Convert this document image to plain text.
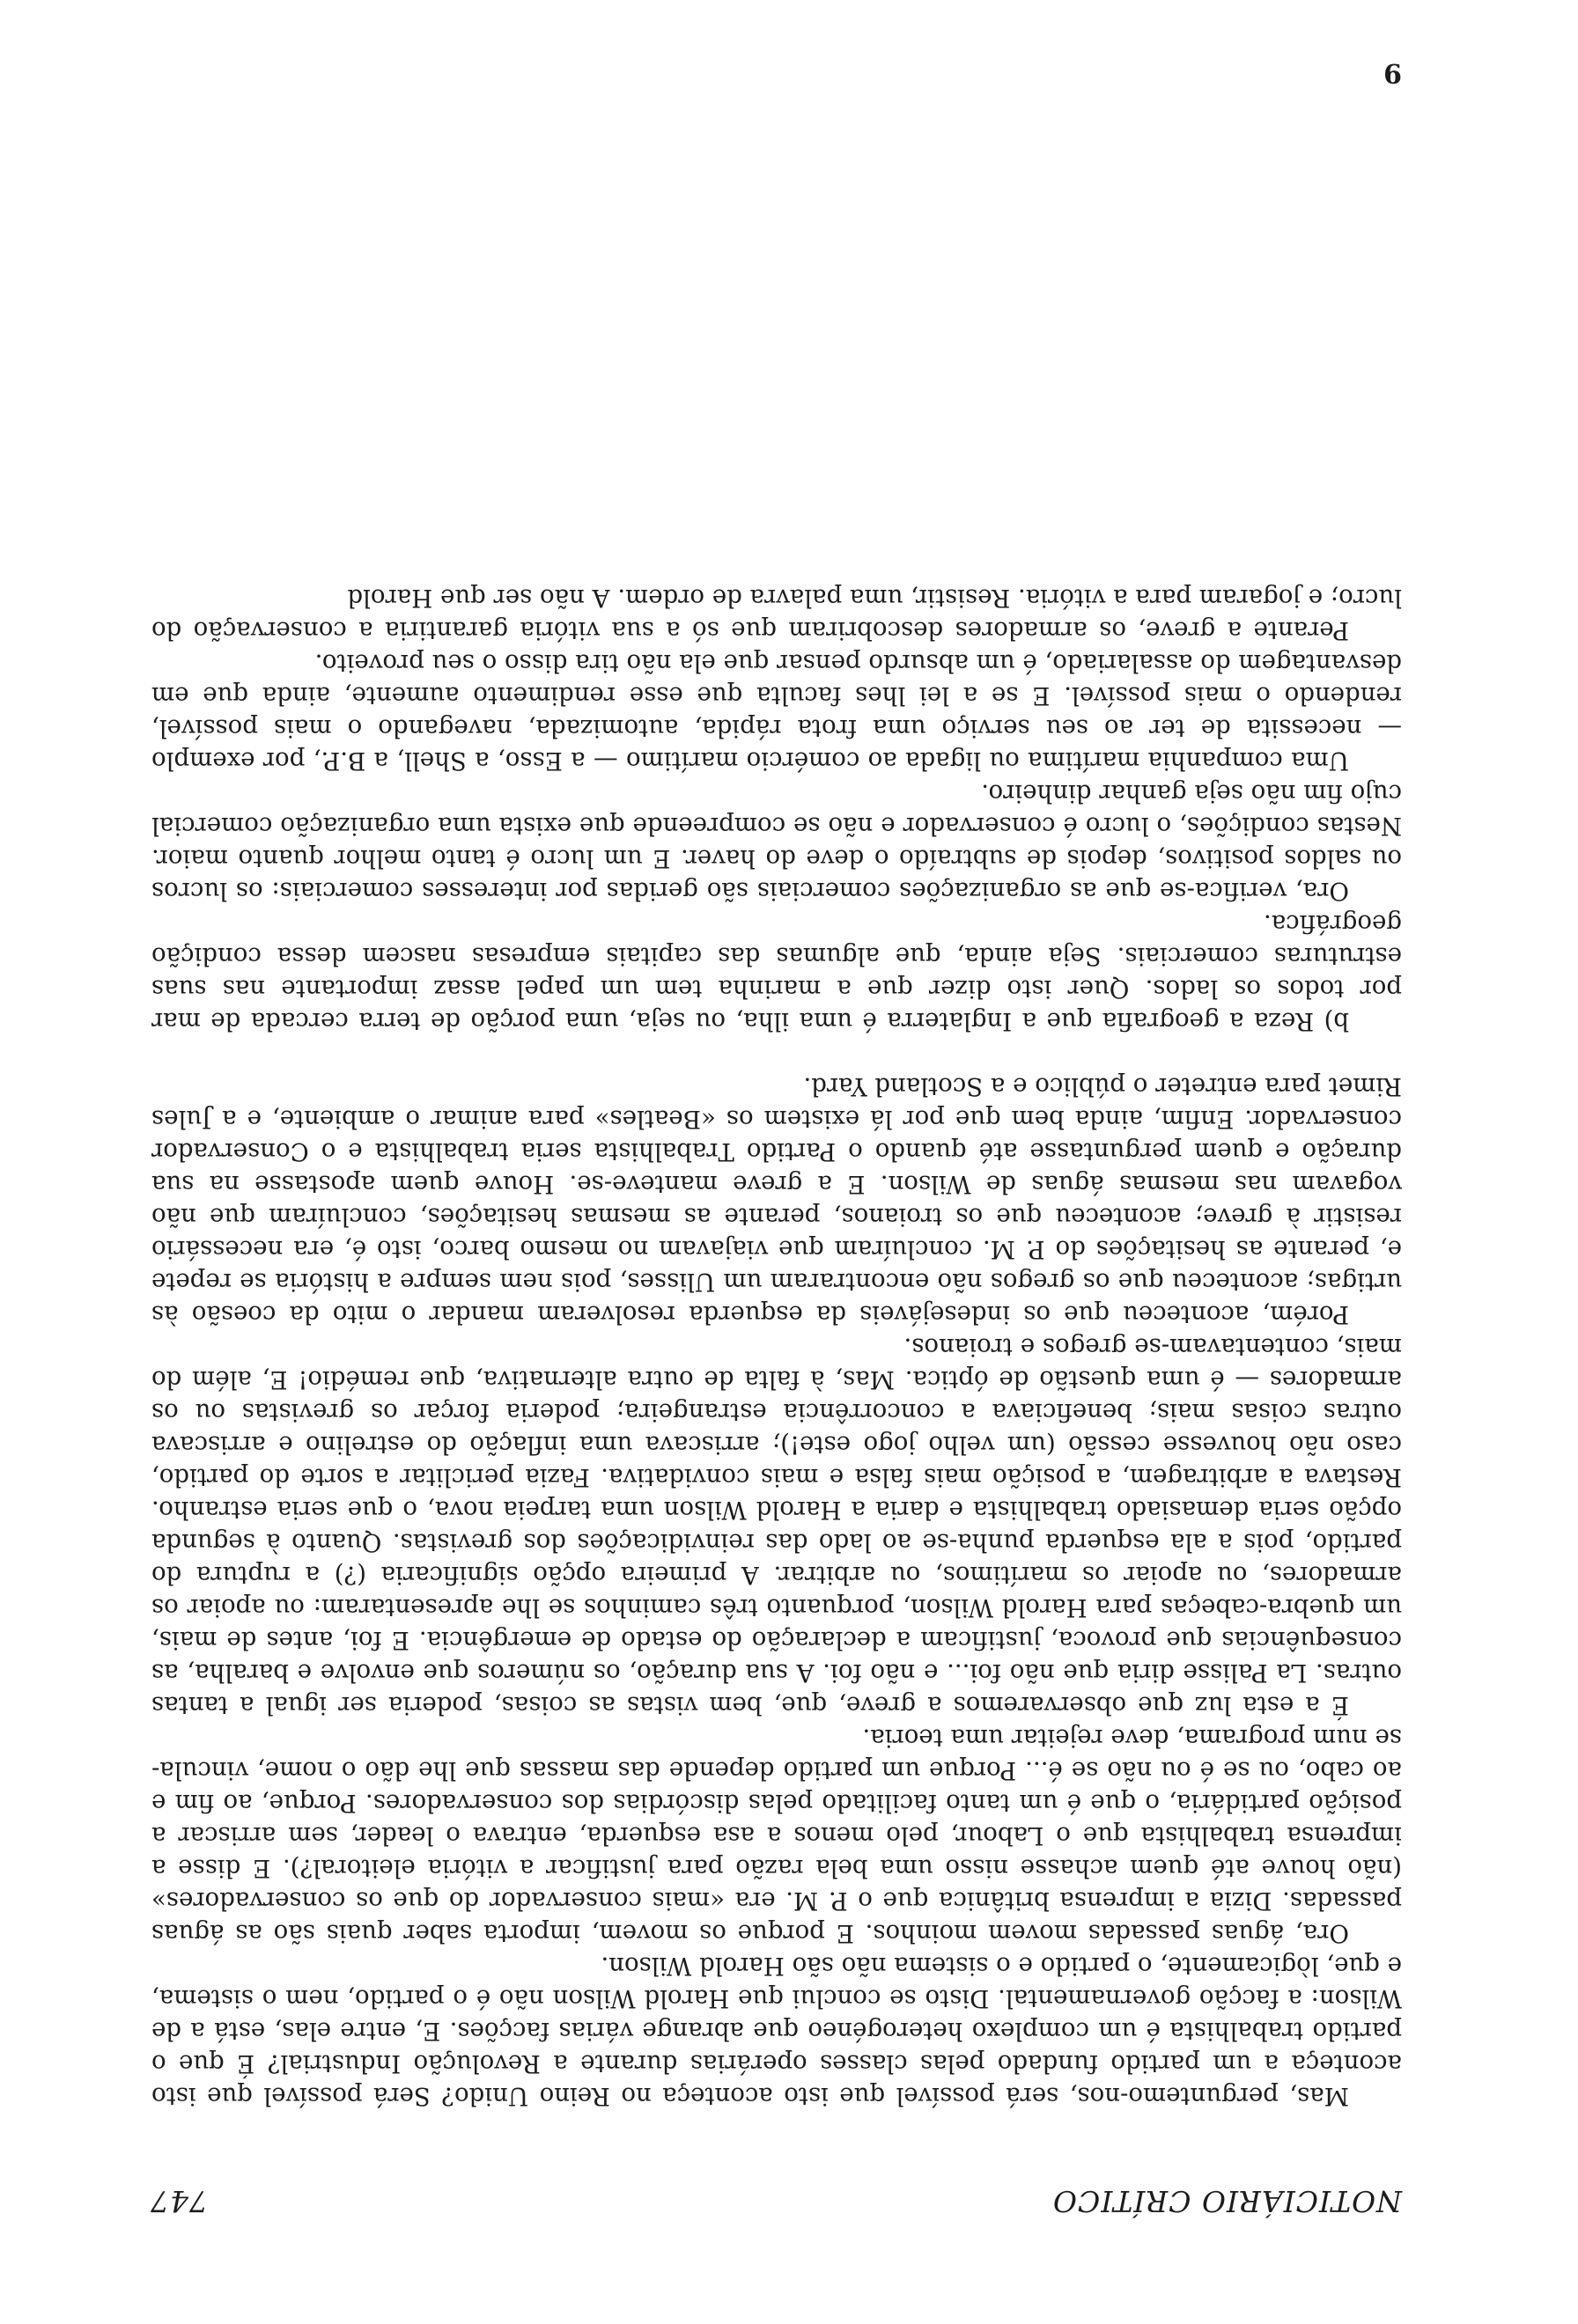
NOTICIÁRIO CRÍTICO
747

Mas, perguntemo-nos, será possível que isto aconteça no Reino Unido? Será possível que isto aconteça a um partido fundado pelas classes operárias durante a Revolução Industrial? É que o partido trabalhista é um complexo heterogéneo que abrange várias facções. E, entre elas, está a de Wilson: a facção governamental. Disto se conclui que Harold Wilson não é o partido, nem o sistema, e que, lògicamente, o partido e o sistema não são Harold Wilson.

Ora, águas passadas movem moinhos. E porque os movem, importa saber quais são as águas passadas. Dizia a imprensa britânica que o P. M. era «mais conservador do que os conservadores» (não houve até quem achasse nisso uma bela razão para justificar a vitória eleitoral?). E disse a imprensa trabalhista que o Labour, pelo menos a asa esquerda, entrava o leader, sem arriscar a posição partidária, o que é um tanto facilitado pelas discórdias dos conservadores. Porque, ao fim e ao cabo, ou se é ou não se é... Porque um partido depende das massas que lhe dão o nome, vincula-se num programa, deve rejeitar uma teoria.

É a esta luz que observaremos a greve, que, bem vistas as coisas, poderia ser igual a tantas outras. La Palisse diria que não foi... e não foi. A sua duração, os números que envolve e baralha, as consequências que provoca, justificam a declaração do estado de emergência. E foi, antes de mais, um quebra-cabeças para Harold Wilson, porquanto três caminhos se lhe apresentaram: ou apoiar os armadores, ou apoiar os marítimos, ou arbitrar. A primeira opção significaria (?) a ruptura do partido, pois a ala esquerda punha-se ao lado das reinvidicações dos grevistas. Quanto à segunda opção seria demasiado trabalhista e daria a Harold Wilson uma tarpeia nova, o que seria estranho. Restava a arbitragem, a posição mais falsa e mais convidativa. Fazia periclitar a sorte do partido, caso não houvesse cessão (um velho jogo este!); arriscava uma inflação do estrelino e arriscava outras coisas mais; beneficiava a concorrência estrangeira; poderia forçar os grevistas ou os armadores — é uma questão de óptica. Mas, à falta de outra alternativa, que remédio! E, além do mais, contentavam-se gregos e troianos.

Porém, aconteceu que os indesejáveis da esquerda resolveram mandar o mito da coesão às urtigas; aconteceu que os gregos não encontraram um Ulisses, pois nem sempre a história se repete e, perante as hesitações do P. M. concluíram que viajavam no mesmo barco, isto é, era necessário resistir à greve; aconteceu que os troianos, perante as mesmas hesitações, concluíram que não vogavam nas mesmas águas de Wilson. E a greve manteve-se. Houve quem apostasse na sua duração e quem perguntasse até quando o Partido Trabalhista seria trabalhista e o Conservador conservador. Enfim, ainda bem que por lá existem os «Beatles» para animar o ambiente, e a Jules Rimet para entreter o público e a Scotland Yard.

b) Reza a geografia que a Inglaterra é uma ilha, ou seja, uma porção de terra cercada de mar por todos os lados. Quer isto dizer que a marinha tem um papel assaz importante nas suas estruturas comerciais. Seja ainda, que algumas das capitais empresas nascem dessa condição geográfica.

Ora, verifica-se que as organizações comerciais são geridas por interesses comerciais: os lucros ou saldos positivos, depois de subtraído o deve do haver. E um lucro é tanto melhor quanto maior. Nestas condições, o lucro é conservador e não se compreende que exista uma organização comercial cujo fim não seja ganhar dinheiro.

Uma companhia marítima ou ligada ao comércio marítimo — a Esso, a Shell, a B.P., por exemplo — necessita de ter ao seu serviço uma frota rápida, automizada, navegando o mais possível, rendendo o mais possível. E se a lei lhes faculta que esse rendimento aumente, ainda que em desvantagem do assalariado, é um absurdo pensar que ela não tira disso o seu proveito.

Perante a greve, os armadores descobriram que só a sua vitória garantiria a conservação do lucro; e jogaram para a vitória. Resistir, uma palavra de ordem. A não ser que Harold

9
